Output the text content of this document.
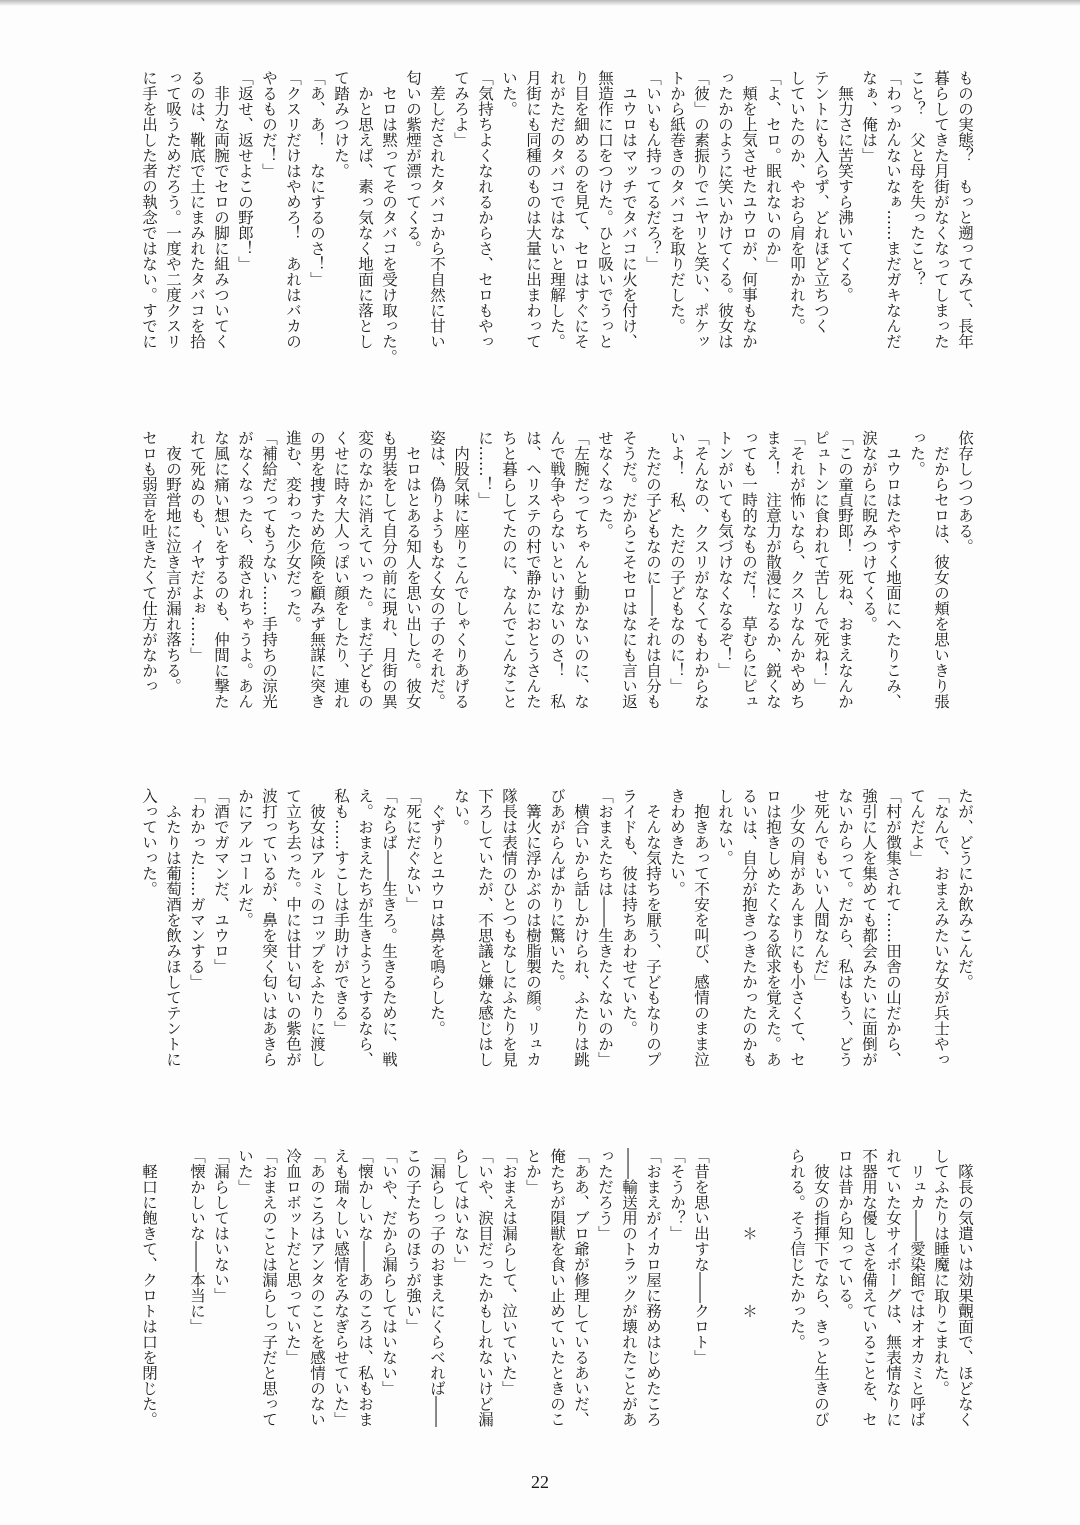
ものの実態？　もっと遡ってみて、長年
暮らしてきた月街がなくなってしまった
こと？　父と母を失ったこと？
「わっかんないなぁ……まだガキなんだ
なぁ、俺は」
　無力さに苦笑すら沸いてくる。
テントにも入らず、どれほど立ちつく
していたのか、やおら肩を叩かれた。
「よ、セロ。眠れないのか」
　頬を上気させたユウロが、何事もなか
ったかのように笑いかけてくる。彼女は
「彼」の素振りでニヤリと笑い、ポケッ
トから紙巻きのタバコを取りだした。
「いいもん持ってるだろ？」
　ユウロはマッチでタバコに火を付け、
無造作に口をつけた。ひと吸いでうっと
り目を細めるのを見て、セロはすぐにそ
れがただのタバコではないと理解した。
月街にも同種のものは大量に出まわって
いた。
「気持ちよくなれるからさ、セロもやっ
てみろよ」
　差しだされたタバコから不自然に甘い
匂いの紫煙が漂ってくる。
　セロは黙ってそのタバコを受け取った。
　かと思えば、素っ気なく地面に落とし
て踏みつけた。
「あ、あ！　なにするのさ！」
「クスリだけはやめろ！　あれはバカの
やるものだ！」
「返せ、返せよこの野郎！」
　非力な両腕でセロの脚に組みついてく
るのは、靴底で土にまみれたタバコを拾
って吸うためだろう。一度や二度クスリ
に手を出した者の執念ではない。すでに
依存しつつある。
　だからセロは、彼女の頬を思いきり張
った。
　ユウロはたやすく地面にへたりこみ、
涙ながらに睨みつけてくる。
「この童貞野郎！　死ね、おまえなんか
ピュトンに食われて苦しんで死ね！」
「それが怖いなら、クスリなんかやめち
まえ！　注意力が散漫になるか、鋭くな
っても一時的なものだ！　草むらにピュ
トンがいても気づけなくなるぞ！」
「そんなの、クスリがなくてもわからな
いよ！　私、ただの子どもなのに！」
　ただの子どもなのに――それは自分も
そうだ。だからこそセロはなにも言い返
せなくなった。
「左腕だってちゃんと動かないのに、な
んで戦争やらないといけないのさ！　私
は、ヘリステの村で静かにおとうさんた
ちと暮らしてたのに、なんでこんなこと
に……！」
　内股気味に座りこんでしゃくりあげる
姿は、偽りようもなく女の子のそれだ。
　セロはとある知人を思い出した。彼女
も男装をして自分の前に現れ、月街の異
変のなかに消えていった。まだ子どもの
くせに時々大人っぽい顔をしたり、連れ
の男を捜すため危険を顧みず無謀に突き
進む、変わった少女だった。
「補給だってもうない……手持ちの涼光
がなくなったら、殺されちゃうよ。あん
な風に痛い想いをするのも、仲間に撃た
れて死ぬのも、イヤだよぉ……」
　夜の野営地に泣き言が漏れ落ちる。
セロも弱音を吐きたくて仕方がなかっ
たが、どうにか飲みこんだ。
「なんで、おまえみたいな女が兵士やっ
てんだよ」
「村が徴集されて……田舎の山だから、
強引に人を集めても都会みたいに面倒が
ないからって。だから、私はもう、どう
せ死んでもいい人間なんだ」
　少女の肩があんまりにも小さくて、セ
ロは抱きしめたくなる欲求を覚えた。あ
るいは、自分が抱きつきたかったのかも
しれない。
　抱きあって不安を叫び、感情のまま泣
きわめきたい。
　そんな気持ちを厭う、子どもなりのプ
ライドも、彼は持ちあわせていた。
「おまえたちは――生きたくないのか」
　横合いから話しかけられ、ふたりは跳
びあがらんばかりに驚いた。
　篝火に浮かぶのは樹脂製の顔。リュカ
隊長は表情のひとつもなしにふたりを見
下ろしていたが、不思議と嫌な感じはし
ない。
　ぐずりとユウロは鼻を鳴らした。
「死にだぐない」
「ならば――生きろ。生きるために、戦
え。おまえたちが生きようとするなら、
私も……すこしは手助けができる」
　彼女はアルミのコップをふたりに渡し
て立ち去った。中には甘い匂いの紫色が
波打っているが、鼻を突く匂いはあきら
かにアルコールだ。
「酒でガマンだ、ユウロ」
「わかった……ガマンする」
　ふたりは葡萄酒を飲みほしてテントに
入っていった。
　隊長の気遣いは効果覿面で、ほどなく
してふたりは睡魔に取りこまれた。
　リュカ――愛染館ではオオカミと呼ば
れていた女サイボーグは、無表情なりに
不器用な優しさを備えていることを、セ
ロは昔から知っている。
　彼女の指揮下でなら、きっと生きのび
られる。そう信じたかった。
　　　　　＊　　　　＊
「昔を思い出すな――クロト」
「そうか？」
「おまえがイカロ屋に務めはじめたころ
――輸送用のトラックが壊れたことがあ
っただろう」
「ああ、ブロ爺が修理しているあいだ、
俺たちが隕獣を食い止めていたときのこ
とか」
「おまえは漏らして、泣いていた」
「いや、涙目だったかもしれないけど漏
らしてはいない」
「漏らしっ子のおまえにくらべれば――
この子たちのほうが強い」
「いや、だから漏らしてはいない」
「懐かしいな――あのころは、私もおま
えも瑞々しい感情をみなぎらせていた」
「あのころはアンタのことを感情のない
冷血ロボットだと思っていた」
「おまえのことは漏らしっ子だと思って
いた」
「漏らしてはいない」
「懐かしいな――本当に」
　軽口に飽きて、クロトは口を閉じた。
22
